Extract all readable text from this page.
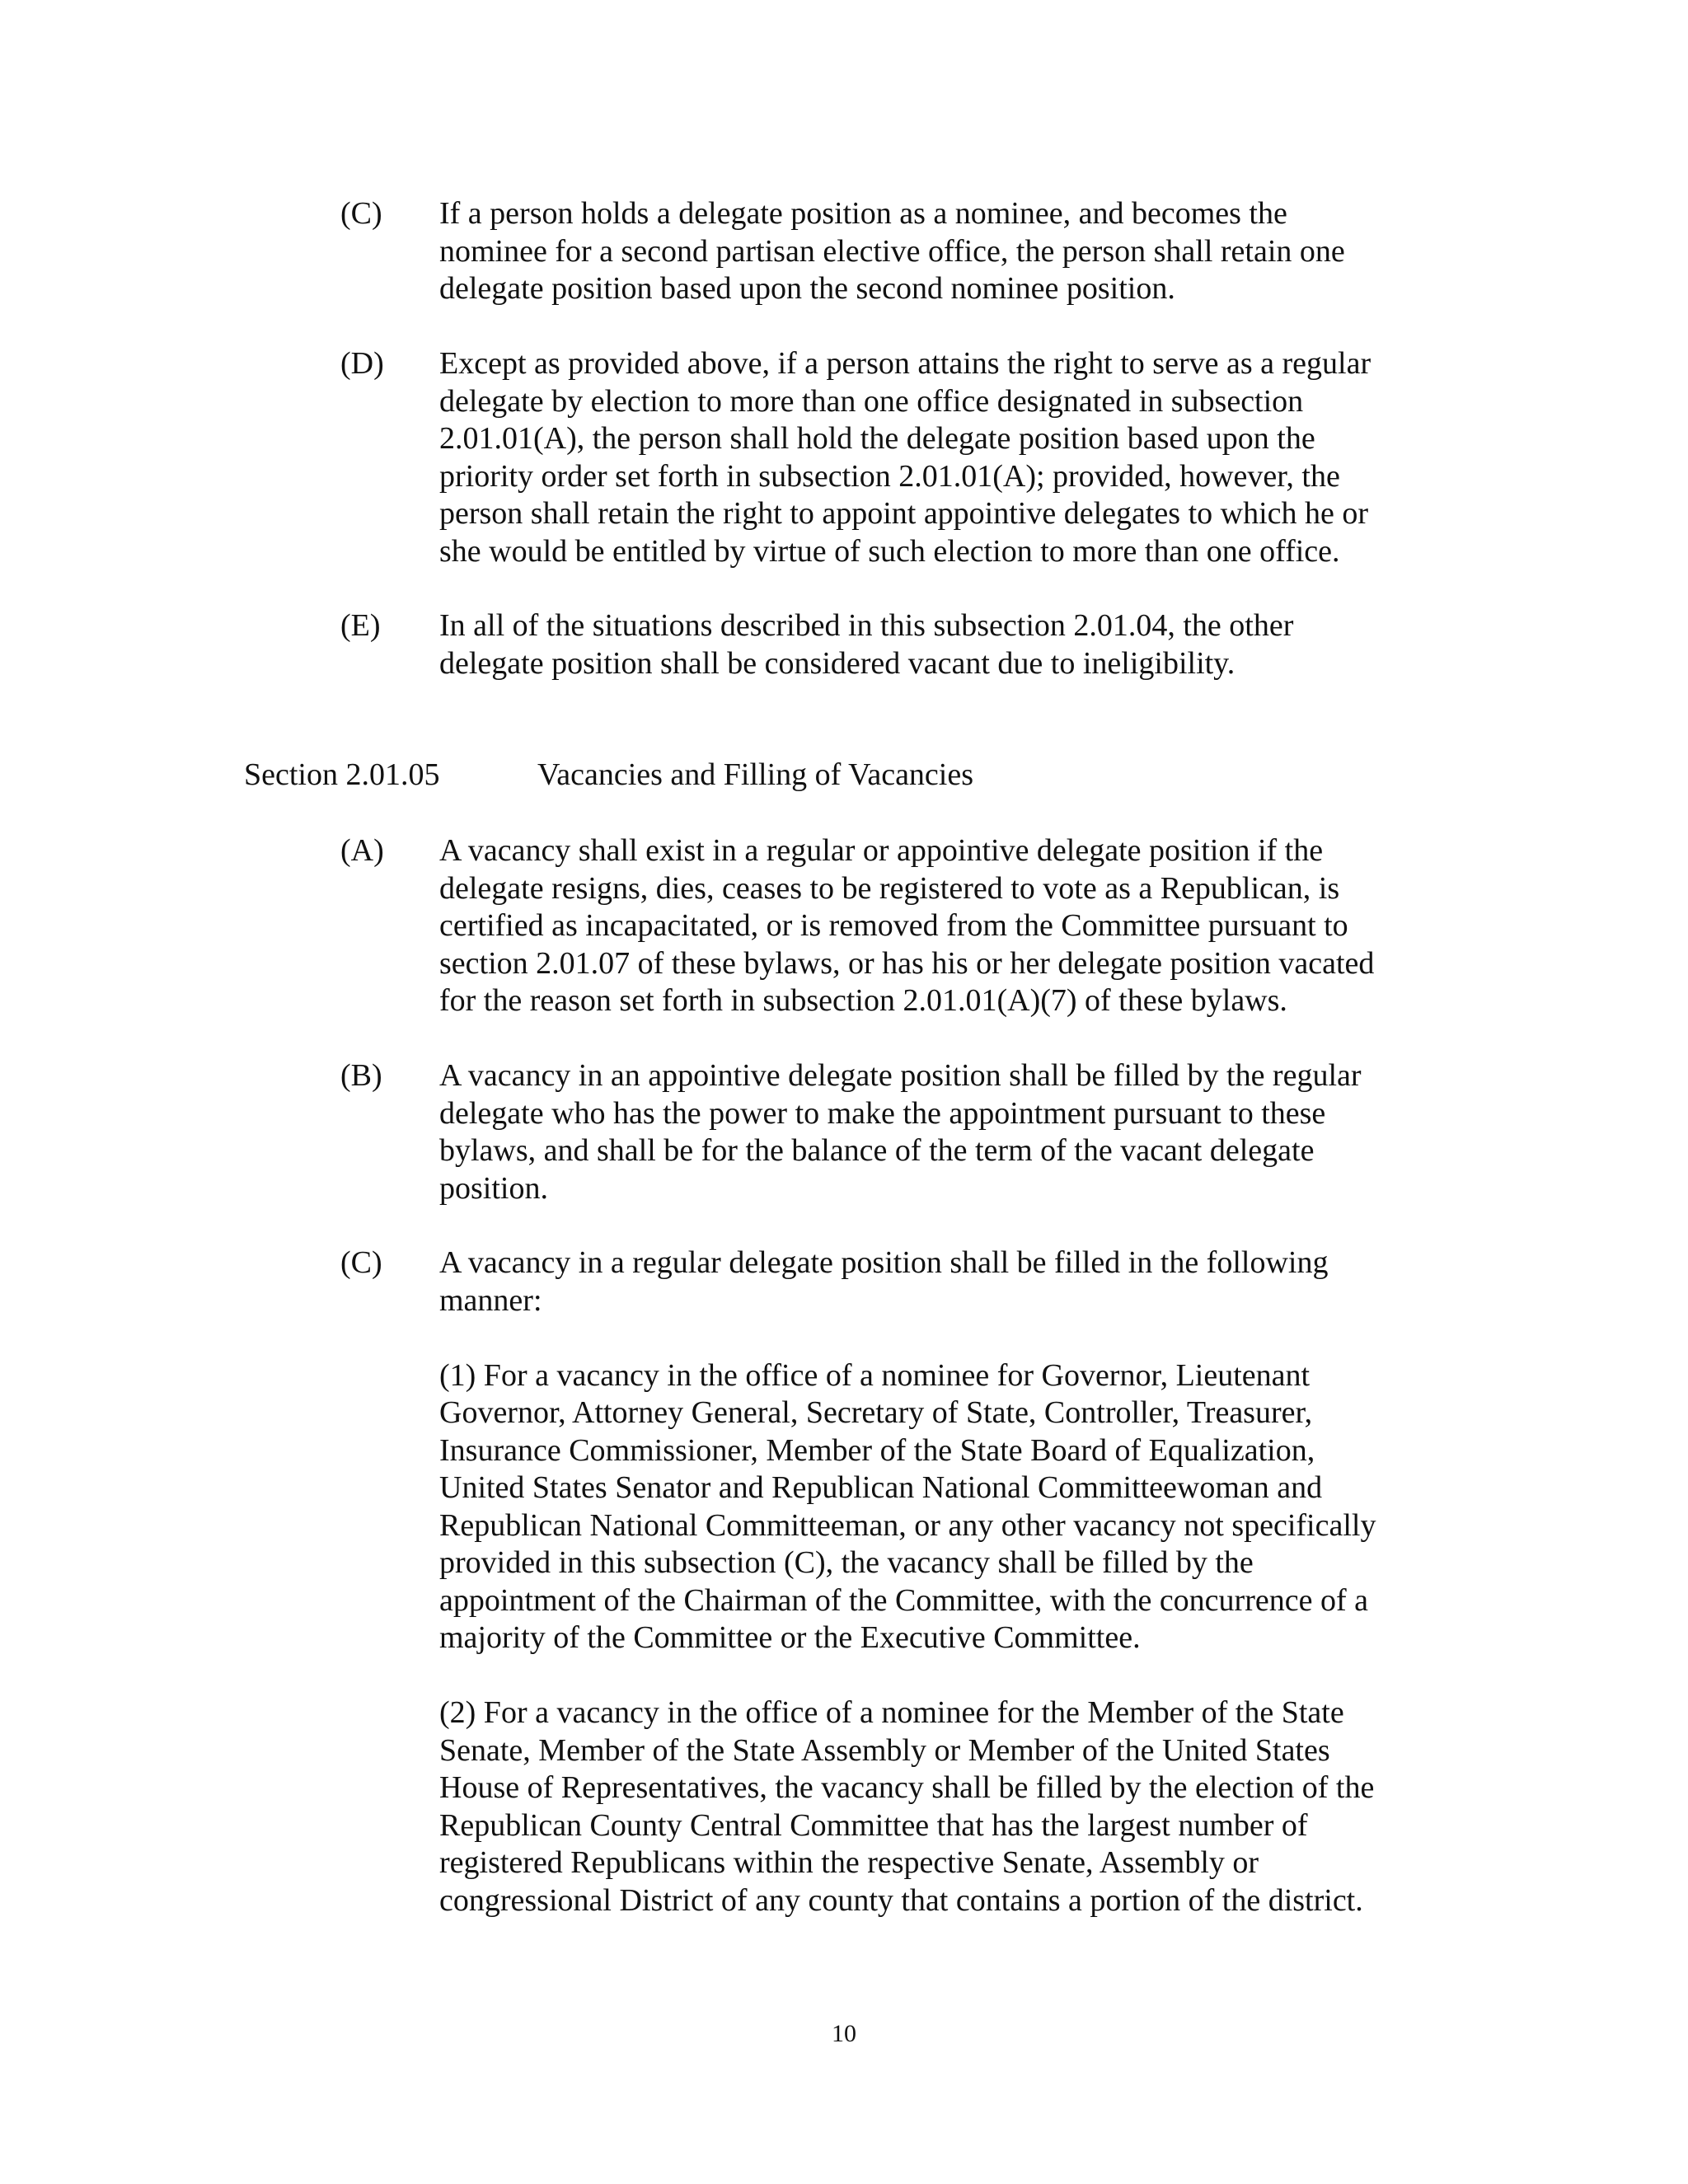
(C) If a person holds a delegate position as a nominee, and becomes the
nominee for a second partisan elective office, the person shall retain one
delegate position based upon the second nominee position.
(D) Except as provided above, if a person attains the right to serve as a regular
delegate by election to more than one office designated in subsection
2.01.01(A), the person shall hold the delegate position based upon the
priority order set forth in subsection 2.01.01(A); provided, however, the
person shall retain the right to appoint appointive delegates to which he or
she would be entitled by virtue of such election to more than one office.
(E) In all of the situations described in this subsection 2.01.04, the other
delegate position shall be considered vacant due to ineligibility.
Section 2.01.05	Vacancies and Filling of Vacancies
(A) A vacancy shall exist in a regular or appointive delegate position if the
delegate resigns, dies, ceases to be registered to vote as a Republican, is
certified as incapacitated, or is removed from the Committee pursuant to
section 2.01.07 of these bylaws, or has his or her delegate position vacated
for the reason set forth in subsection 2.01.01(A)(7) of these bylaws.
(B) A vacancy in an appointive delegate position shall be filled by the regular
delegate who has the power to make the appointment pursuant to these
bylaws, and shall be for the balance of the term of the vacant delegate
position.
(C) A vacancy in a regular delegate position shall be filled in the following
manner:
(1) For a vacancy in the office of a nominee for Governor, Lieutenant
Governor, Attorney General, Secretary of State, Controller, Treasurer,
Insurance Commissioner, Member of the State Board of Equalization,
United States Senator and Republican National Committeewoman and
Republican National Committeeman, or any other vacancy not specifically
provided in this subsection (C), the vacancy shall be filled by the
appointment of the Chairman of the Committee, with the concurrence of a
majority of the Committee or the Executive Committee.
(2) For a vacancy in the office of a nominee for the Member of the State
Senate, Member of the State Assembly or Member of the United States
House of Representatives, the vacancy shall be filled by the election of the
Republican County Central Committee that has the largest number of
registered Republicans within the respective Senate, Assembly or
congressional District of any county that contains a portion of the district.
10
